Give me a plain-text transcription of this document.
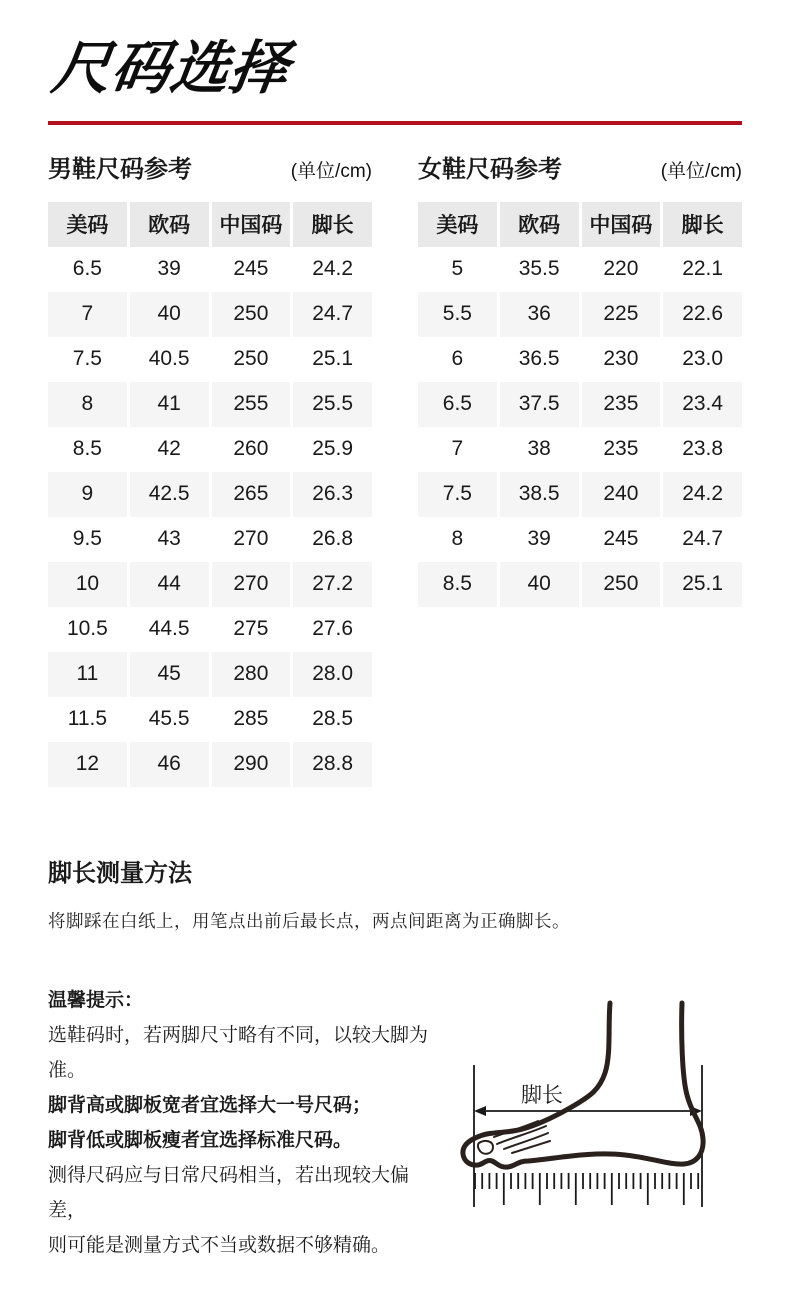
尺码选择
男鞋尺码参考	(单位/cm)
美码	欧码	中国码	脚长
6.5	39	245	24.2
7	40	250	24.7
7.5	40.5	250	25.1
8	41	255	25.5
8.5	42	260	25.9
9	42.5	265	26.3
9.5	43	270	26.8
10	44	270	27.2
10.5	44.5	275	27.6
11	45	280	28.0
11.5	45.5	285	28.5
12	46	290	28.8
女鞋尺码参考	(单位/cm)
美码	欧码	中国码	脚长
5	35.5	220	22.1
5.5	36	225	22.6
6	36.5	230	23.0
6.5	37.5	235	23.4
7	38	235	23.8
7.5	38.5	240	24.2
8	39	245	24.7
8.5	40	250	25.1
脚长测量方法

将脚踩在白纸上，用笔点出前后最长点，两点间距离为正确脚长。

温馨提示：
选鞋码时，若两脚尺寸略有不同，以较大脚为准。
脚背高或脚板宽者宜选择大一号尺码；
脚背低或脚板瘦者宜选择标准尺码。
测得尺码应与日常尺码相当，若出现较大偏差，
则可能是测量方式不当或数据不够精确。
脚长
